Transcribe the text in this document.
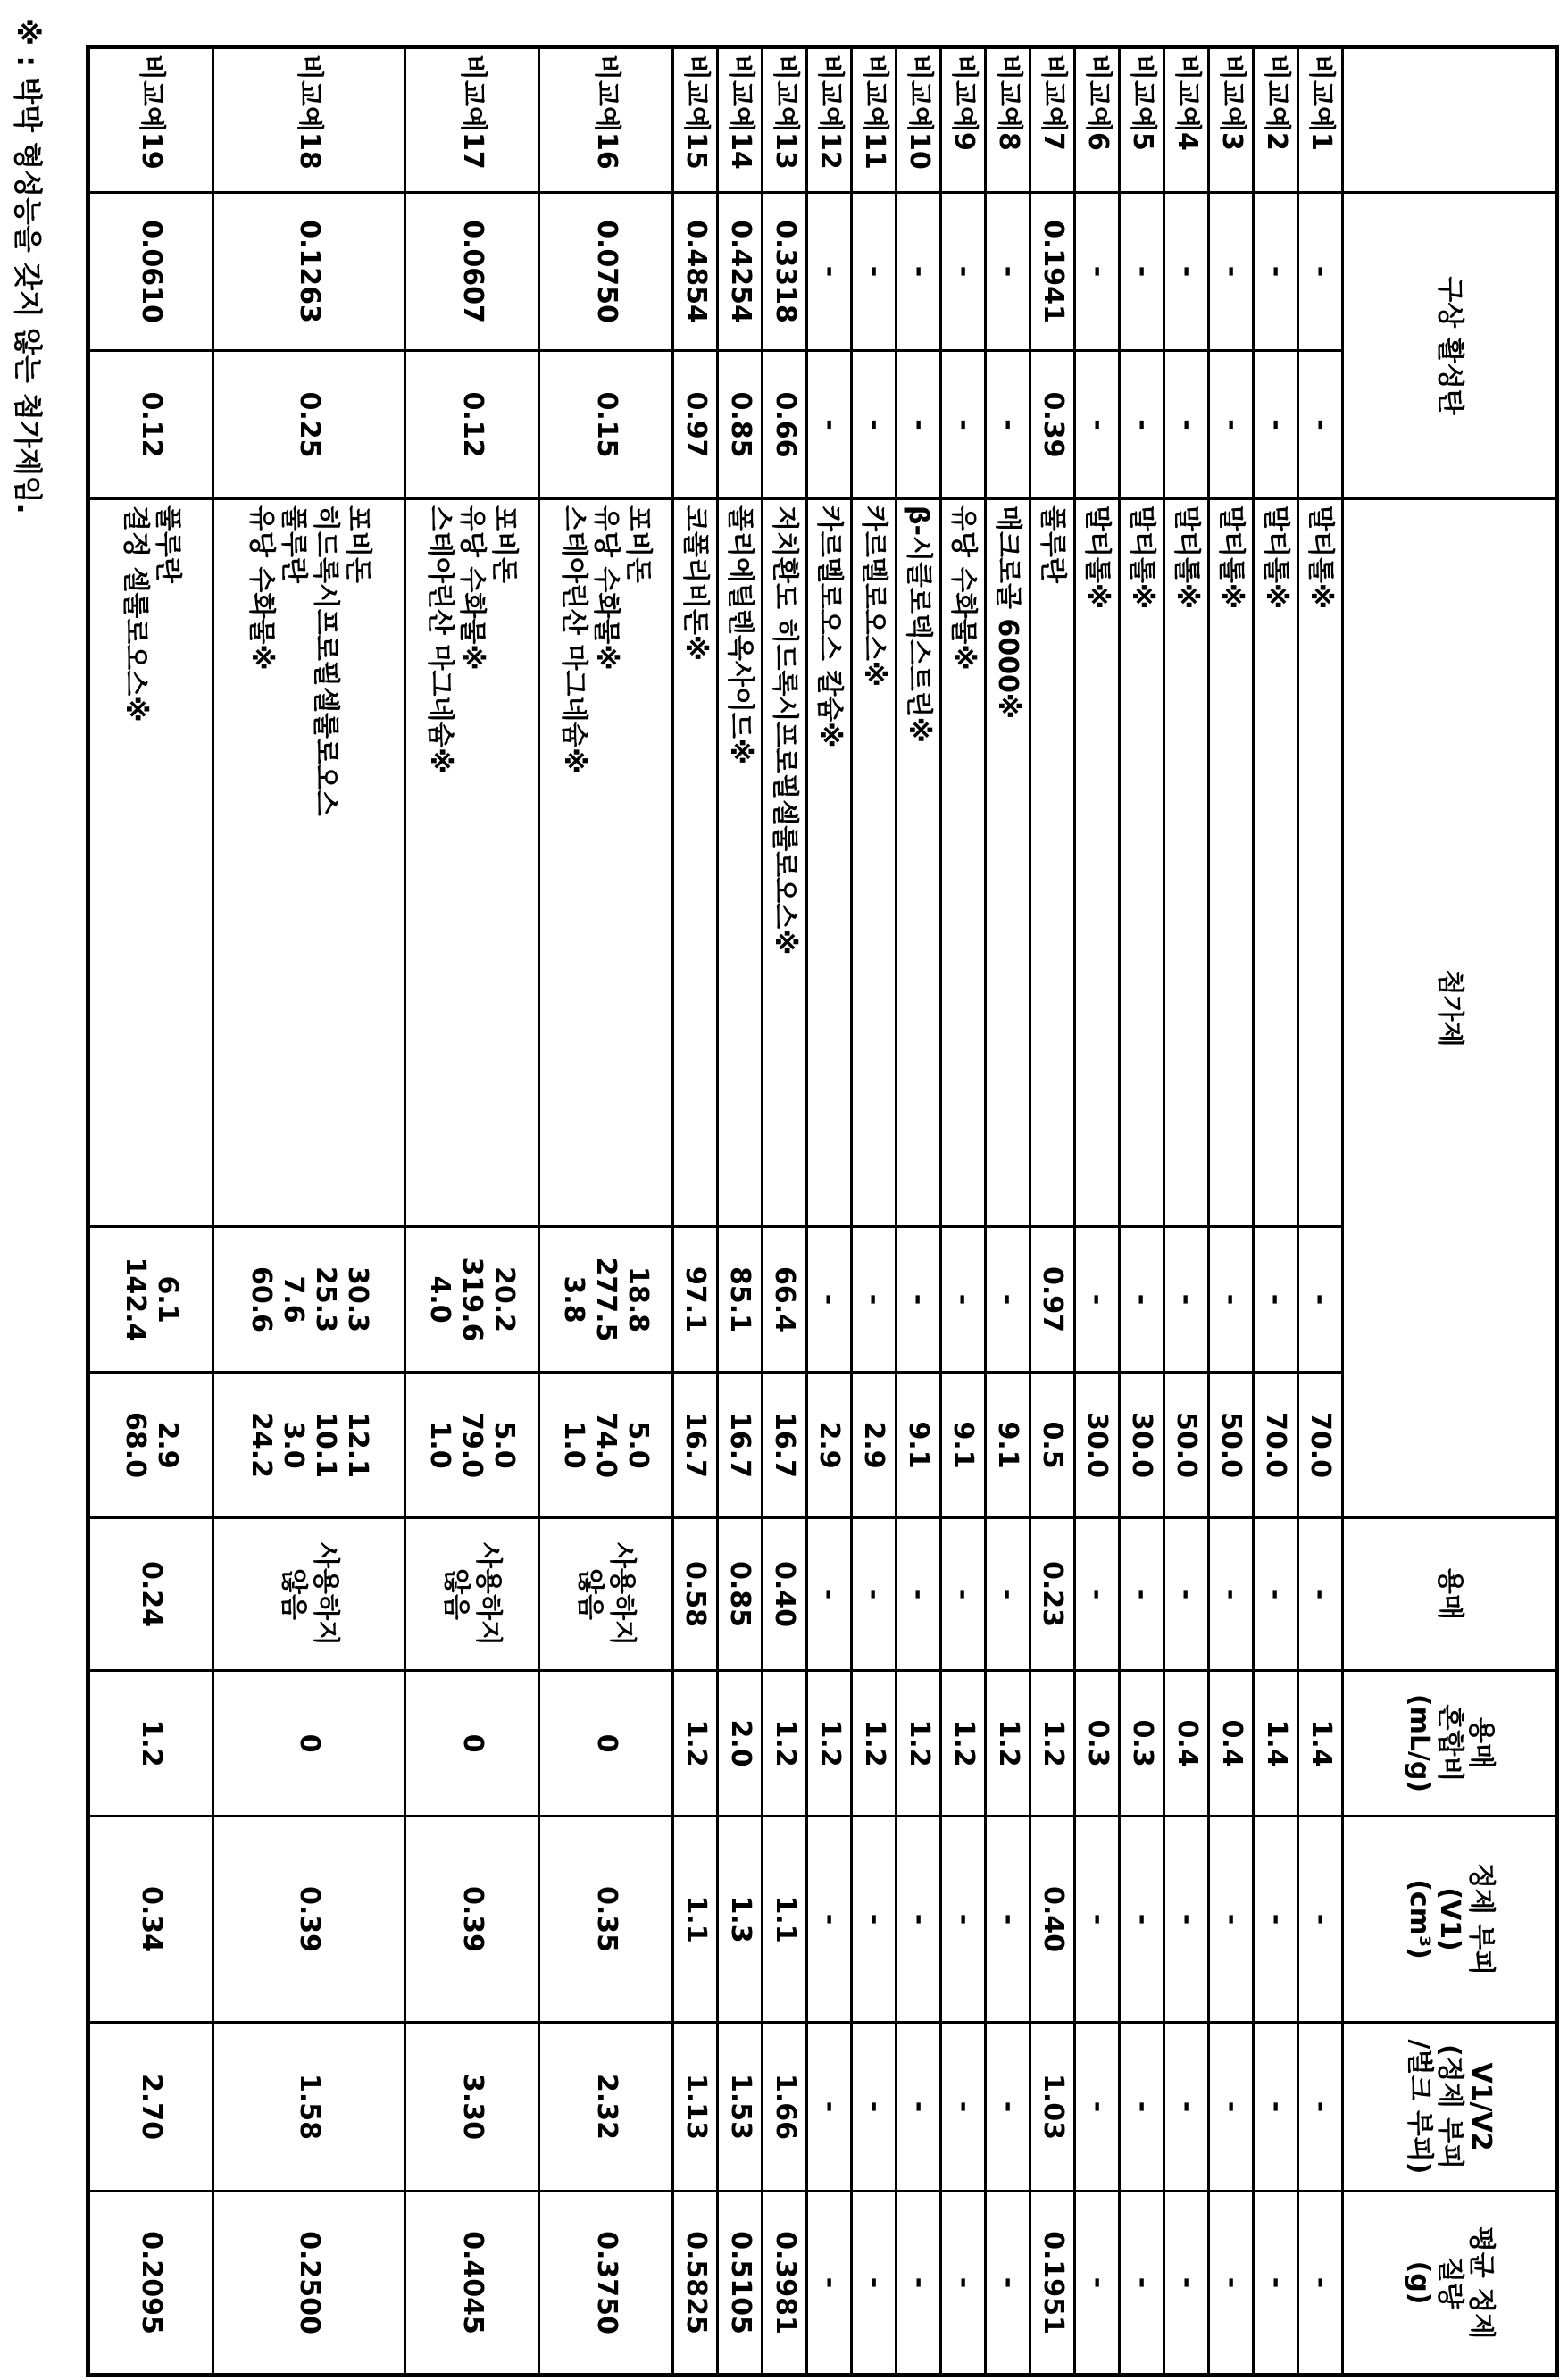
	구상 활성탄	첨가제	용매	
용매
혼합비
(mL/g)

정제 부피
(V1)
(cm³)

V1/V2
(정제 부피
/벌크 부피)

평균 정제
질량
(g)

비교예1

-

-

말티톨※

-

70.0

-

1.4

-

-

-

비교예2

-

-

말티톨※

-

70.0

-

1.4

-

-

-

비교예3

-

-

말티톨※

-

50.0

-

0.4

-

-

-

비교예4

-

-

말티톨※

-

50.0

-

0.4

-

-

-

비교예5

-

-

말티톨※

-

30.0

-

0.3

-

-

-

비교예6

-

-

말티톨※

-

30.0

-

0.3

-

-

-

비교예7

0.1941

0.39

풀루란

0.97

0.5

0.23

1.2

0.40

1.03

0.1951

비교예8

-

-

매크로골 6000※

-

9.1

-

1.2

-

-

-

비교예9

-

-

유당 수화물※

-

9.1

-

1.2

-

-

-

비교예10

-

-

β-시클로덱스트린※

-

9.1

-

1.2

-

-

-

비교예11

-

-

카르멜로오스※

-

2.9

-

1.2

-

-

-

비교예12

-

-

카르멜로오스 칼슘※

-

2.9

-

1.2

-

-

-

비교예13

0.3318

0.66

저치환도 히드록시프로필셀룰로오스※

66.4

16.7

0.40

1.2

1.1

1.66

0.3981

비교예14

0.4254

0.85

폴리에틸렌옥사이드※

85.1

16.7

0.85

2.0

1.3

1.53

0.5105

비교예15

0.4854

0.97

코폴리비돈※

97.1

16.7

0.58

1.2

1.1

1.13

0.5825

비교예16

0.0750

0.15

포비돈
유당 수화물※
스테아린산 마그네슘※

18.8
277.5
3.8

5.0
74.0
1.0

사용하지
않음

0

0.35

2.32

0.3750

비교예17

0.0607

0.12

포비돈
유당 수화물※
스테아린산 마그네슘※

20.2
319.6
4.0

5.0
79.0
1.0

사용하지
않음

0

0.39

3.30

0.4045

비교예18

0.1263

0.25

포비돈
히드록시프로필셀룰로오스
풀루란
유당 수화물※

30.3
25.3
7.6
60.6

12.1
10.1
3.0
24.2

사용하지
않음

0

0.39

1.58

0.2500

비교예19

0.0610

0.12

풀루란
결정 셀룰로오스※

6.1
142.4

2.9
68.0

0.24

1.2

0.34

2.70

0.2095
※ : 박막 형성능을 갖지 않는 첨가제임.
